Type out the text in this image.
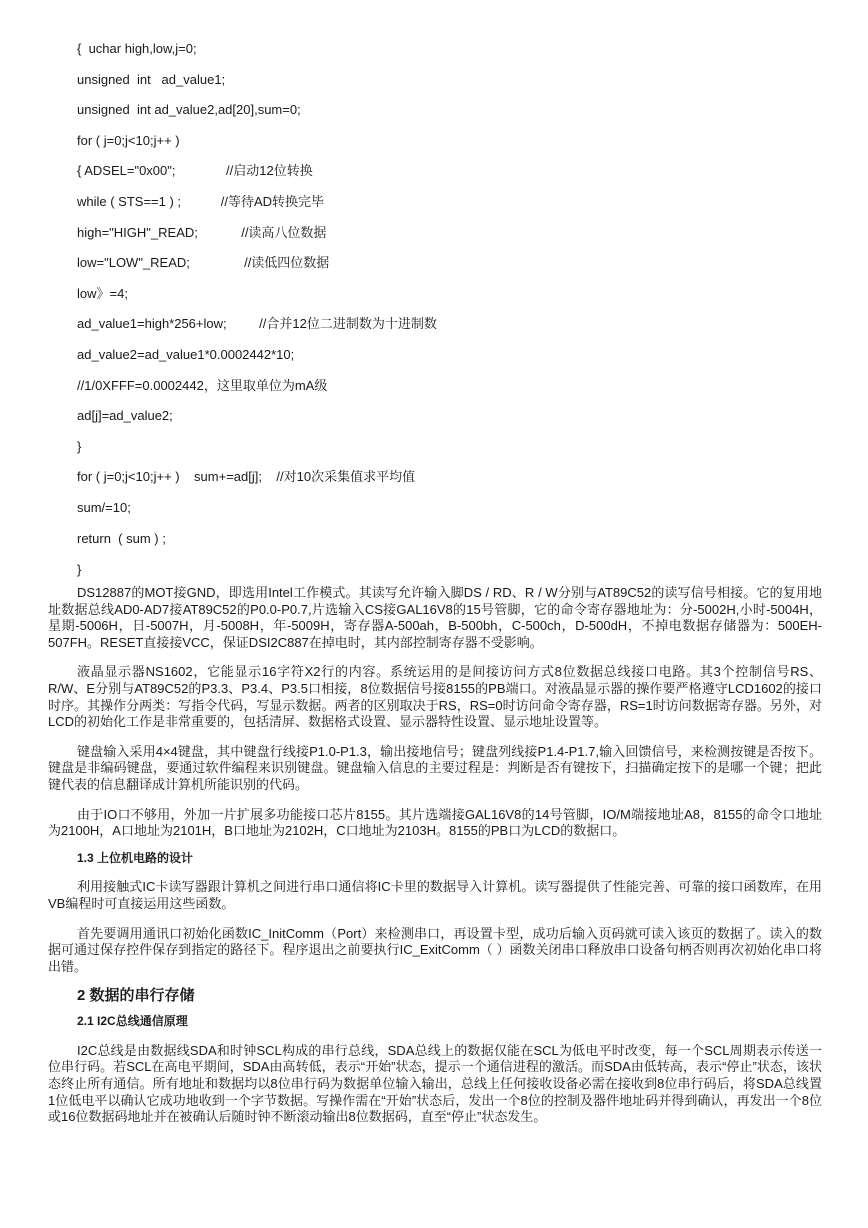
{  uchar high,low,j=0;
unsigned  int   ad_value1;
unsigned  int ad_value2,ad[20],sum=0;
for ( j=0;j<10;j++ )
{ ADSEL="0x00";              //启动12位转换
while ( STS==1 ) ;           //等待AD转换完毕
high="HIGH"_READ;            //读高八位数据
low="LOW"_READ;               //读低四位数据
low》=4;
ad_value1=high*256+low;         //合并12位二进制数为十进制数
ad_value2=ad_value1*0.0002442*10;
//1/0XFFF=0.0002442，这里取单位为mA级
ad[j]=ad_value2;
}
for ( j=0;j<10;j++ )    sum+=ad[j];    //对10次采集值求平均值
sum/=10;
return  ( sum ) ;
}

DS12887的MOT接GND，即选用Intel工作模式。其读写允许输入脚DS / RD、R / W分别与AT89C52的读写信号相接。它的复用地址数据总线AD0-AD7接AT89C52的P0.0-P0.7,片选输入CS接GAL16V8的15号管脚，它的命令寄存器地址为：分-5002H,小时-5004H，星期-5006H，日-5007H，月-5008H，年-5009H，寄存器A-500ah，B-500bh，C-500ch，D-500dH，不掉电数据存储器为：500EH-507FH。RESET直接接VCC，保证DSI2C887在掉电时，其内部控制寄存器不受影响。

液晶显示器NS1602，它能显示16字符X2行的内容。系统运用的是间接访问方式8位数据总线接口电路。其3个控制信号RS、R/W、E分别与AT89C52的P3.3、P3.4、P3.5口相接，8位数据信号接8155的PB端口。对液晶显示器的操作要严格遵守LCD1602的接口时序。其操作分两类：写指令代码，写显示数据。两者的区别取决于RS，RS=0时访问命令寄存器，RS=1时访问数据寄存器。另外，对LCD的初始化工作是非常重要的，包括清屏、数据格式设置、显示器特性设置、显示地址设置等。

键盘输入采用4×4键盘，其中键盘行线接P1.0-P1.3，输出接地信号；键盘列线接P1.4-P1.7,输入回馈信号，来检测按键是否按下。键盘是非编码键盘，要通过软件编程来识别键盘。键盘输入信息的主要过程是：判断是否有键按下，扫描确定按下的是哪一个键；把此键代表的信息翻译成计算机所能识别的代码。

由于IO口不够用，外加一片扩展多功能接口芯片8155。其片选端接GAL16V8的14号管脚，IO/M端接地址A8，8155的命令口地址为2100H，A口地址为2101H，B口地址为2102H，C口地址为2103H。8155的PB口为LCD的数据口。

1.3 上位机电路的设计

利用接触式IC卡读写器跟计算机之间进行串口通信将IC卡里的数据导入计算机。读写器提供了性能完善、可靠的接口函数库，在用VB编程时可直接运用这些函数。

首先要调用通讯口初始化函数IC_InitComm（Port）来检测串口，再设置卡型，成功后输入页码就可读入该页的数据了。读入的数据可通过保存控件保存到指定的路径下。程序退出之前要执行IC_ExitComm（ ）函数关闭串口释放串口设备句柄否则再次初始化串口将出错。

2 数据的串行存储
2.1 I2C总线通信原理

I2C总线是由数据线SDA和时钟SCL构成的串行总线，SDA总线上的数据仅能在SCL为低电平时改变，每一个SCL周期表示传送一位串行码。若SCL在高电平期间，SDA由高转低，表示“开始”状态，提示一个通信进程的激活。而SDA由低转高，表示“停止”状态，该状态终止所有通信。所有地址和数据均以8位串行码为数据单位输入输出，总线上任何接收设备必需在接收到8位串行码后，将SDA总线置1位低电平以确认它成功地收到一个字节数据。写操作需在“开始”状态后，发出一个8位的控制及器件地址码并得到确认，再发出一个8位或16位数据码地址并在被确认后随时钟不断滚动输出8位数据码，直至“停止”状态发生。
